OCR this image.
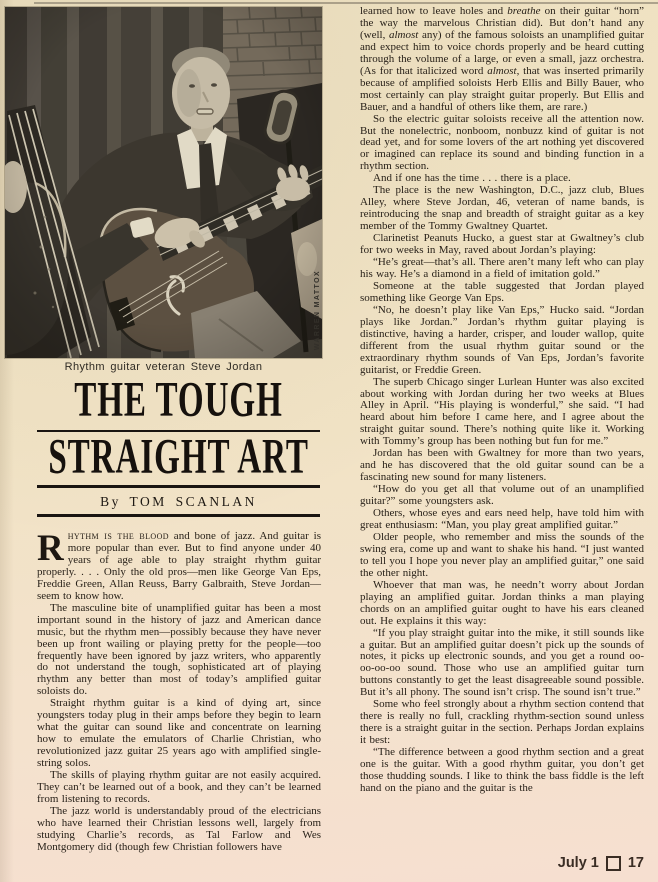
WARREN MATTOX
Rhythm guitar veteran Steve Jordan
THE TOUGH
STRAIGHT ART
By TOM SCANLAN

Rhythm is the blood and bone of jazz. And guitar is more popular than ever. But to find anyone under 40 years of age able to play straight rhythm guitar properly. . . . Only the old pros—men like George Van Eps, Freddie Green, Allan Reuss, Barry Galbraith, Steve Jordan—seem to know how.

The masculine bite of unamplified guitar has been a most important sound in the history of jazz and American dance music, but the rhythm men—possibly because they have never been up front wailing or playing pretty for the people—too frequently have been ignored by jazz writers, who apparently do not understand the tough, sophisticated art of playing rhythm any better than most of today’s amplified guitar soloists do.

Straight rhythm guitar is a kind of dying art, since youngsters today plug in their amps before they begin to learn what the guitar can sound like and concentrate on learning how to emulate the emulators of Charlie Christian, who revolutionized jazz guitar 25 years ago with amplified single-string solos.

The skills of playing rhythm guitar are not easily acquired. They can’t be learned out of a book, and they can’t be learned from listening to records.

The jazz world is understandably proud of the electricians who have learned their Christian lessons well, largely from studying Charlie’s records, as Tal Farlow and Wes Montgomery did (though few Christian followers have

learned how to leave holes and breathe on their guitar “horn” the way the marvelous Christian did). But don’t hand any (well, almost any) of the famous soloists an unamplified guitar and expect him to voice chords properly and be heard cutting through the volume of a large, or even a small, jazz orchestra. (As for that italicized word almost, that was inserted primarily because of amplified soloists Herb Ellis and Billy Bauer, who most certainly can play straight guitar properly. But Ellis and Bauer, and a handful of others like them, are rare.)

So the electric guitar soloists receive all the attention now. But the nonelectric, nonboom, nonbuzz kind of guitar is not dead yet, and for some lovers of the art nothing yet discovered or imagined can replace its sound and binding function in a rhythm section.

And if one has the time . . . there is a place.

The place is the new Washington, D.C., jazz club, Blues Alley, where Steve Jordan, 46, veteran of name bands, is reintroducing the snap and breadth of straight guitar as a key member of the Tommy Gwaltney Quartet.

Clarinetist Peanuts Hucko, a guest star at Gwaltney’s club for two weeks in May, raved about Jordan’s playing:

“He’s great—that’s all. There aren’t many left who can play his way. He’s a diamond in a field of imitation gold.”

Someone at the table suggested that Jordan played something like George Van Eps.

“No, he doesn’t play like Van Eps,” Hucko said. “Jordan plays like Jordan.” Jordan’s rhythm guitar playing is distinctive, having a harder, crisper, and louder wallop, quite different from the usual rhythm guitar sound or the extraordinary rhythm sounds of Van Eps, Jordan’s favorite guitarist, or Freddie Green.

The superb Chicago singer Lurlean Hunter was also excited about working with Jordan during her two weeks at Blues Alley in April. “His playing is wonderful,” she said. “I had heard about him before I came here, and I agree about the straight guitar sound. There’s nothing quite like it. Working with Tommy’s group has been nothing but fun for me.”

Jordan has been with Gwaltney for more than two years, and he has discovered that the old guitar sound can be a fascinating new sound for many listeners.

“How do you get all that volume out of an unamplified guitar?” some youngsters ask.

Others, whose eyes and ears need help, have told him with great enthusiasm: “Man, you play great amplified guitar.”

Older people, who remember and miss the sounds of the swing era, come up and want to shake his hand. “I just wanted to tell you I hope you never play an amplified guitar,” one said the other night.

Whoever that man was, he needn’t worry about Jordan playing an amplified guitar. Jordan thinks a man playing chords on an amplified guitar ought to have his ears cleaned out. He explains it this way:

“If you play straight guitar into the mike, it still sounds like a guitar. But an amplified guitar doesn’t pick up the sounds of notes, it picks up electronic sounds, and you get a round oo-oo-oo-oo sound. Those who use an amplified guitar turn buttons constantly to get the least disagreeable sound possible. But it’s all phony. The sound isn’t crisp. The sound isn’t true.”

Some who feel strongly about a rhythm section contend that there is really no full, crackling rhythm-section sound unless there is a straight guitar in the section. Perhaps Jordan explains it best:

“The difference between a good rhythm section and a great one is the guitar. With a good rhythm guitar, you don’t get those thudding sounds. I like to think the bass fiddle is the left hand on the piano and the guitar is the

July 1 17
